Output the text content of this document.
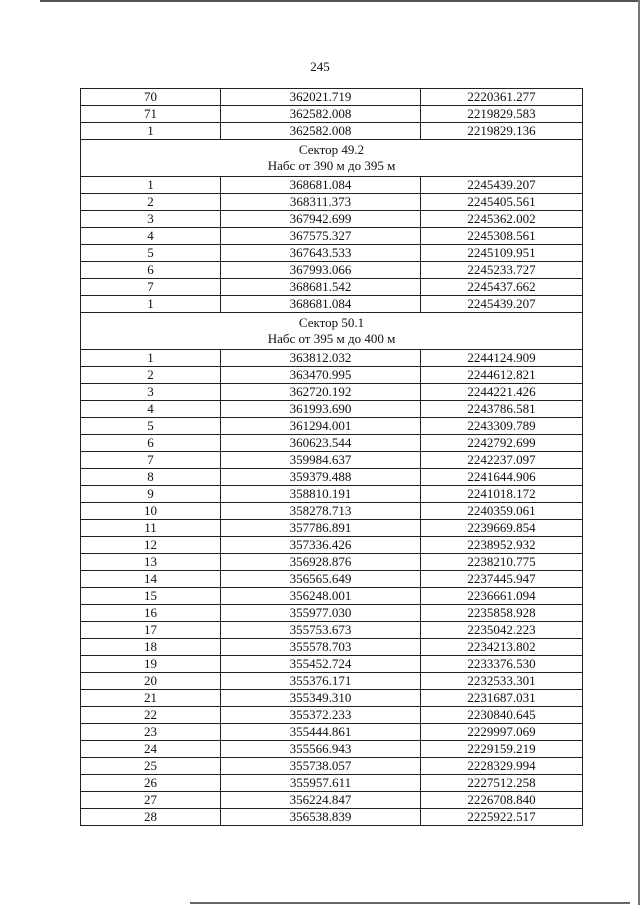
245
70	362021.719	2220361.277
71	362582.008	2219829.583
1	362582.008	2219829.136

Сектор 49.2
Набс от 390 м до 395 м		

1	368681.084	2245439.207
2	368311.373	2245405.561
3	367942.699	2245362.002
4	367575.327	2245308.561
5	367643.533	2245109.951
6	367993.066	2245233.727
7	368681.542	2245437.662
1	368681.084	2245439.207

Сектор 50.1
Набс от 395 м до 400 м		

1	363812.032	2244124.909
2	363470.995	2244612.821
3	362720.192	2244221.426
4	361993.690	2243786.581
5	361294.001	2243309.789
6	360623.544	2242792.699
7	359984.637	2242237.097
8	359379.488	2241644.906
9	358810.191	2241018.172
10	358278.713	2240359.061
11	357786.891	2239669.854
12	357336.426	2238952.932
13	356928.876	2238210.775
14	356565.649	2237445.947
15	356248.001	2236661.094
16	355977.030	2235858.928
17	355753.673	2235042.223
18	355578.703	2234213.802
19	355452.724	2233376.530
20	355376.171	2232533.301
21	355349.310	2231687.031
22	355372.233	2230840.645
23	355444.861	2229997.069
24	355566.943	2229159.219
25	355738.057	2228329.994
26	355957.611	2227512.258
27	356224.847	2226708.840
28	356538.839	2225922.517
